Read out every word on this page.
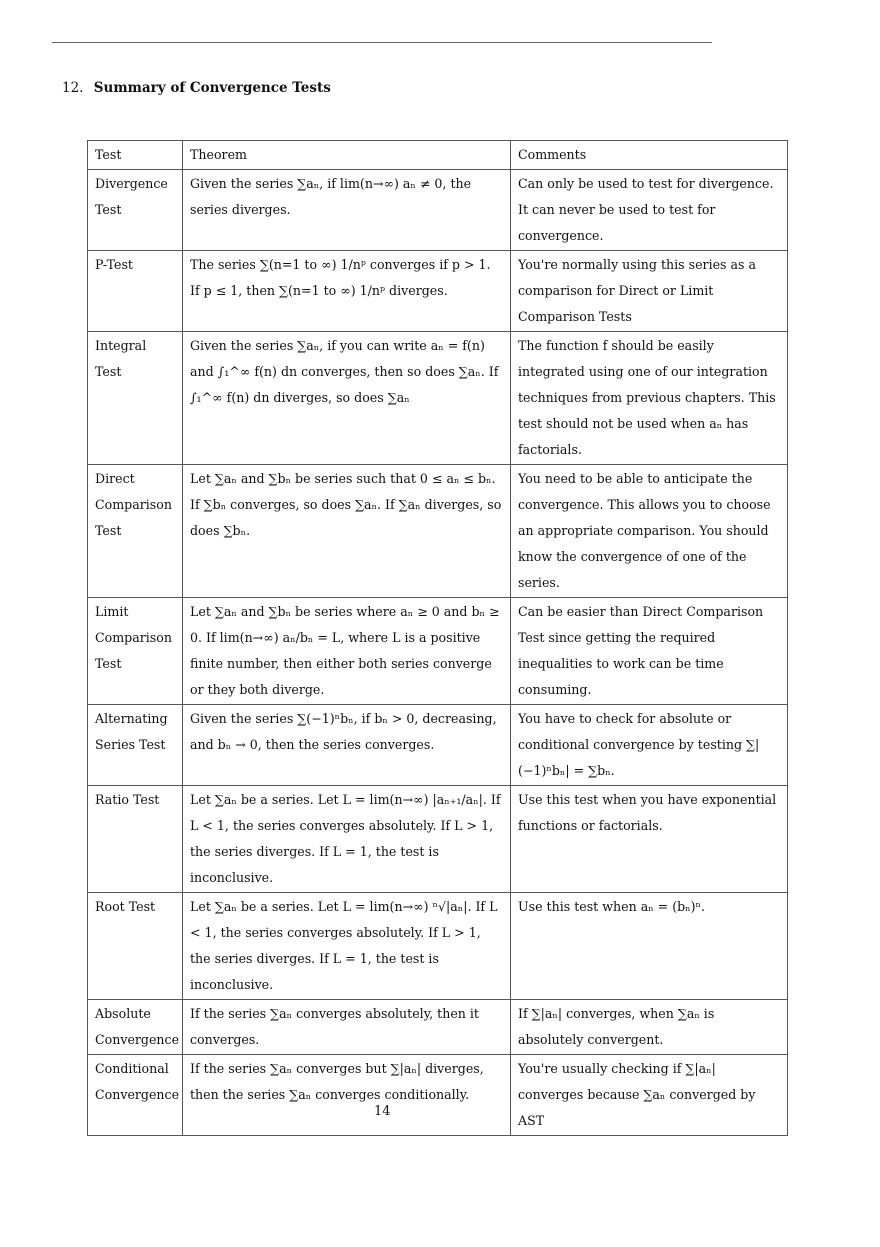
12. Summary of Convergence Tests
Test	Theorem	Comments
Divergence Test	Given the series ∑aₙ, if lim(n→∞) aₙ ≠ 0, the series diverges.	Can only be used to test for divergence. It can never be used to test for convergence.
P-Test	The series ∑(n=1 to ∞) 1/nᵖ converges if p > 1. If p ≤ 1, then ∑(n=1 to ∞) 1/nᵖ diverges.	You're normally using this series as a comparison for Direct or Limit Comparison Tests
Integral Test	Given the series ∑aₙ, if you can write aₙ = f(n) and ∫₁^∞ f(n) dn converges, then so does ∑aₙ. If ∫₁^∞ f(n) dn diverges, so does ∑aₙ	The function f should be easily integrated using one of our integration techniques from previous chapters. This test should not be used when aₙ has factorials.
Direct Comparison Test	Let ∑aₙ and ∑bₙ be series such that 0 ≤ aₙ ≤ bₙ. If ∑bₙ converges, so does ∑aₙ. If ∑aₙ diverges, so does ∑bₙ.	You need to be able to anticipate the convergence. This allows you to choose an appropriate comparison. You should know the convergence of one of the series.
Limit Comparison Test	Let ∑aₙ and ∑bₙ be series where aₙ ≥ 0 and bₙ ≥ 0. If lim(n→∞) aₙ/bₙ = L, where L is a positive finite number, then either both series converge or they both diverge.	Can be easier than Direct Comparison Test since getting the required inequalities to work can be time consuming.
Alternating Series Test	Given the series ∑(−1)ⁿbₙ, if bₙ > 0, decreasing, and bₙ → 0, then the series converges.	You have to check for absolute or conditional convergence by testing ∑|(−1)ⁿbₙ| = ∑bₙ.
Ratio Test	Let ∑aₙ be a series. Let L = lim(n→∞) |aₙ₊₁/aₙ|. If L < 1, the series converges absolutely. If L > 1, the series diverges. If L = 1, the test is inconclusive.	Use this test when you have exponential functions or factorials.
Root Test	Let ∑aₙ be a series. Let L = lim(n→∞) ⁿ√|aₙ|. If L < 1, the series converges absolutely. If L > 1, the series diverges. If L = 1, the test is inconclusive.	Use this test when aₙ = (bₙ)ⁿ.
Absolute Convergence	If the series ∑aₙ converges absolutely, then it converges.	If ∑|aₙ| converges, when ∑aₙ is absolutely convergent.
Conditional Convergence	If the series ∑aₙ converges but ∑|aₙ| diverges, then the series ∑aₙ converges conditionally.	You're usually checking if ∑|aₙ| converges because ∑aₙ converged by AST
14
